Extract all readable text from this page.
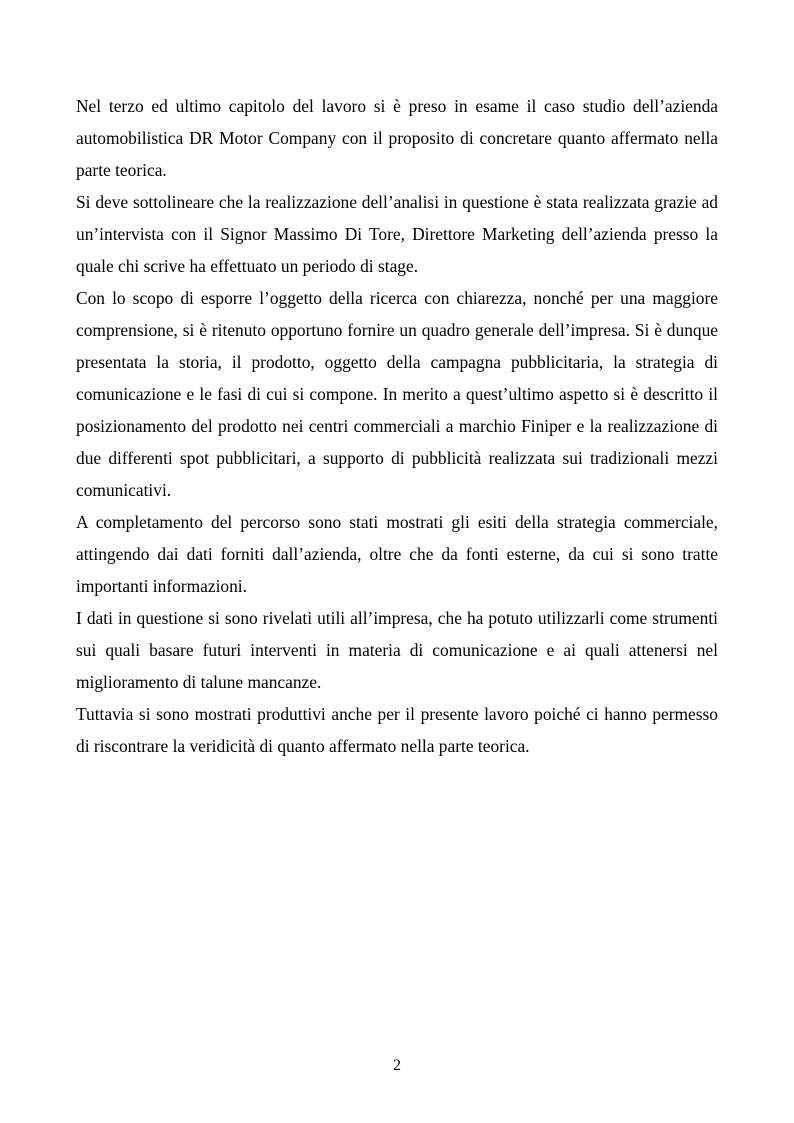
Nel terzo ed ultimo capitolo del lavoro si è preso in esame il caso studio dell’azienda automobilistica DR Motor Company con il proposito di concretare quanto affermato nella parte teorica.

Si deve sottolineare che la realizzazione dell’analisi in questione è stata realizzata grazie ad un’intervista con il Signor Massimo Di Tore, Direttore Marketing dell’azienda presso la quale chi scrive ha effettuato un periodo di stage.

Con lo scopo di esporre l’oggetto della ricerca con chiarezza, nonché per una maggiore comprensione, si è ritenuto opportuno fornire un quadro generale dell’impresa. Si è dunque presentata la storia, il prodotto, oggetto della campagna pubblicitaria, la strategia di comunicazione e le fasi di cui si compone. In merito a quest’ultimo aspetto si è descritto il posizionamento del prodotto nei centri commerciali a marchio Finiper e la realizzazione di due differenti spot pubblicitari, a supporto di pubblicità realizzata sui tradizionali mezzi comunicativi.

A completamento del percorso sono stati mostrati gli esiti della strategia commerciale, attingendo dai dati forniti dall’azienda, oltre che da fonti esterne, da cui si sono tratte importanti informazioni.

I dati in questione si sono rivelati utili all’impresa, che ha potuto utilizzarli come strumenti sui quali basare futuri interventi in materia di comunicazione e ai quali attenersi nel miglioramento di talune mancanze.

Tuttavia si sono mostrati produttivi anche per il presente lavoro poiché ci hanno permesso di riscontrare la veridicità di quanto affermato nella parte teorica.

2
